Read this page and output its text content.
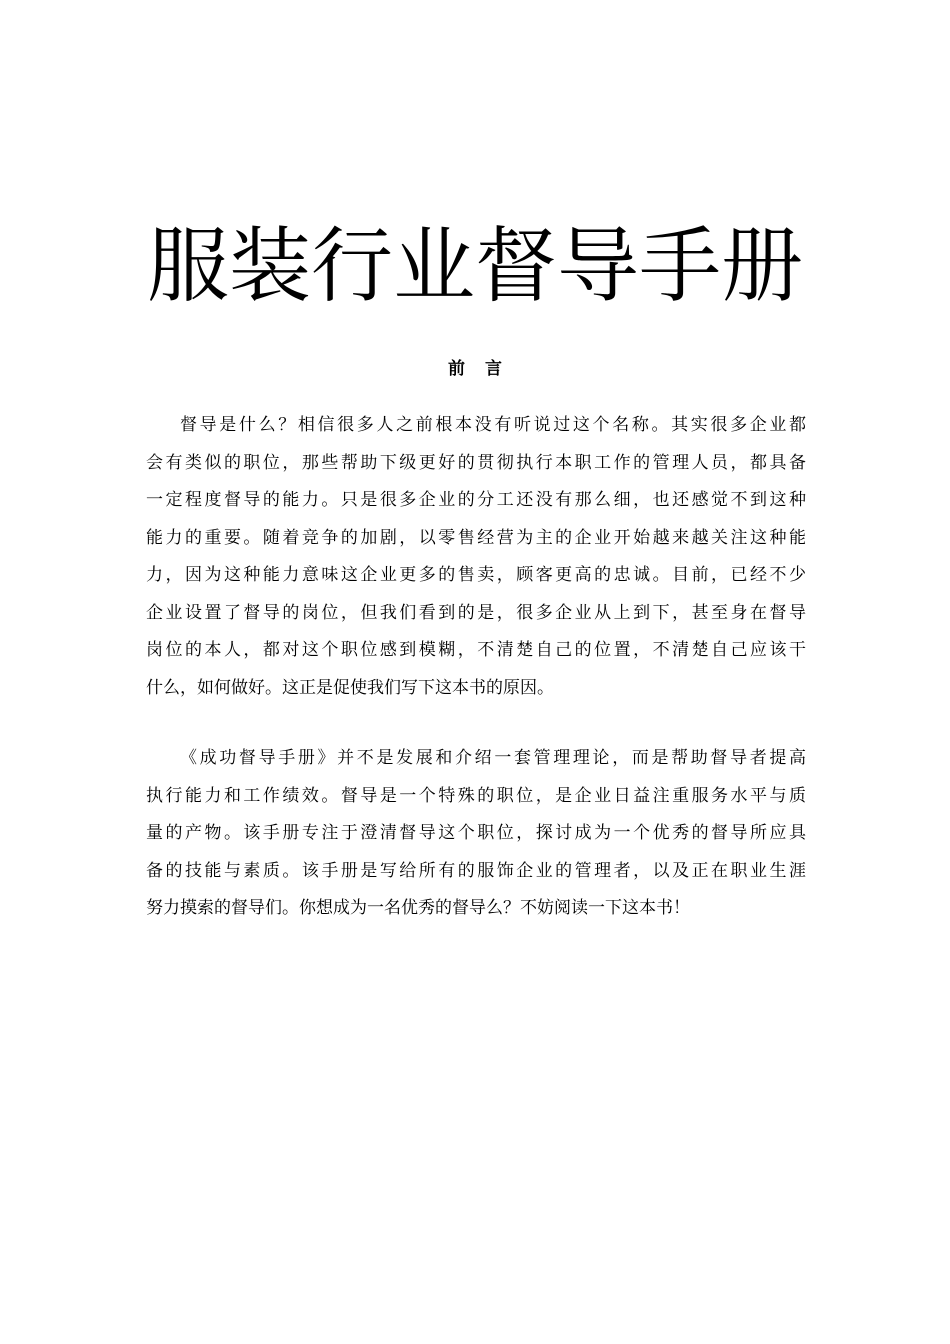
服装行业督导手册
前言
督导是什么？相信很多人之前根本没有听说过这个名称。其实很多企业都
会有类似的职位，那些帮助下级更好的贯彻执行本职工作的管理人员，都具备
一定程度督导的能力。只是很多企业的分工还没有那么细，也还感觉不到这种
能力的重要。随着竞争的加剧，以零售经营为主的企业开始越来越关注这种能
力，因为这种能力意味这企业更多的售卖，顾客更高的忠诚。目前，已经不少
企业设置了督导的岗位，但我们看到的是，很多企业从上到下，甚至身在督导
岗位的本人，都对这个职位感到模糊，不清楚自己的位置，不清楚自己应该干
什么，如何做好。这正是促使我们写下这本书的原因。
《成功督导手册》并不是发展和介绍一套管理理论，而是帮助督导者提高
执行能力和工作绩效。督导是一个特殊的职位，是企业日益注重服务水平与质
量的产物。该手册专注于澄清督导这个职位，探讨成为一个优秀的督导所应具
备的技能与素质。该手册是写给所有的服饰企业的管理者，以及正在职业生涯
努力摸索的督导们。你想成为一名优秀的督导么？不妨阅读一下这本书！
